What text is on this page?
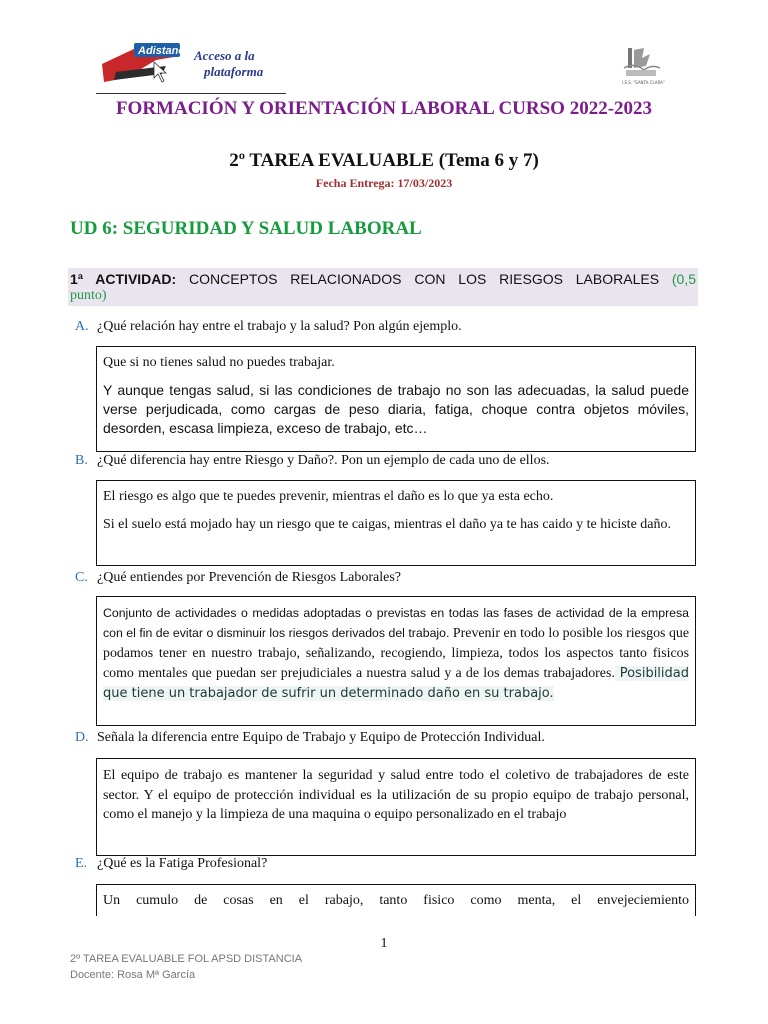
Adistancia Acceso a la
plataforma
I.E.S. "SANTA CLARA"
FORMACIÓN Y ORIENTACIÓN LABORAL CURSO 2022-2023
2º TAREA EVALUABLE (Tema 6 y 7)
Fecha Entrega: 17/03/2023
UD 6: SEGURIDAD Y SALUD LABORAL
1ª ACTIVIDAD: CONCEPTOS RELACIONADOS CON LOS RIESGOS LABORALES (0,5
punto)
A. ¿Qué relación hay entre el trabajo y la salud? Pon algún ejemplo.

Que si no tienes salud no puedes trabajar.

Y aunque tengas salud, si las condiciones de trabajo no son las adecuadas, la salud puede verse perjudicada, como cargas de peso diaria, fatiga, choque contra objetos móviles, desorden, escasa limpieza, exceso de trabajo, etc…

B. ¿Qué diferencia hay entre Riesgo y Daño?. Pon un ejemplo de cada uno de ellos.

El riesgo es algo que te puedes prevenir, mientras el daño es lo que ya esta echo.

Si el suelo está mojado hay un riesgo que te caigas, mientras el daño ya te has caido y te hiciste daño.

C. ¿Qué entiendes por Prevención de Riesgos Laborales?
Conjunto de actividades o medidas adoptadas o previstas en todas las fases de actividad de la empresa con el fin de evitar o disminuir los riesgos derivados del trabajo. Prevenir en todo lo posible los riesgos que podamos tener en nuestro trabajo, señalizando, recogiendo, limpieza, todos los aspectos tanto fisicos como mentales que puedan ser prejudiciales a nuestra salud y a de los demas trabajadores. Posibilidad que tiene un trabajador de sufrir un determinado daño en su trabajo.
D. Señala la diferencia entre Equipo de Trabajo y Equipo de Protección Individual.

El equipo de trabajo es mantener la seguridad y salud entre todo el coletivo de trabajadores de este sector. Y el equipo de protección individual es la utilización de su propio equipo de trabajo personal, como el manejo y la limpieza de una maquina o equipo personalizado en el trabajo

E. ¿Qué es la Fatiga Profesional?

Un cumulo de cosas en el rabajo, tanto fisico como menta, el envejeciemiento

1
2º TAREA EVALUABLE FOL APSD DISTANCIA
Docente: Rosa Mª García
